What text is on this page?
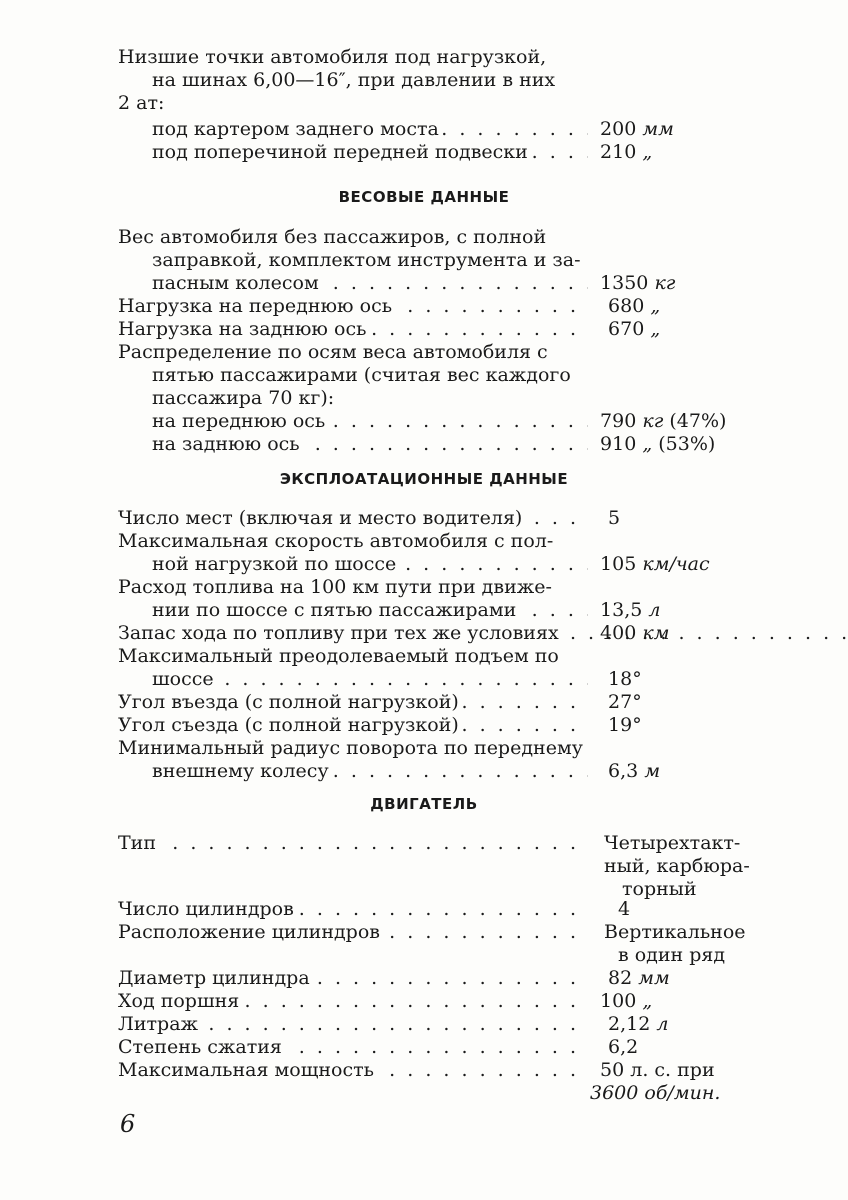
Низшие точки автомобиля под нагрузкой,
на шинах 6,00—16″, при давлении в них
2 ат:
под картером заднего моста . . .	200 мм
под поперечиной передней подвески . . .	210 „
ВЕСОВЫЕ ДАННЫЕ
Вес автомобиля без пассажиров, с полной
заправкой, комплектом инструмента и за-
пасным колесом . . .	1350 кг
Нагрузка на переднюю ось . . .	680 „
Нагрузка на заднюю ось . . .	670 „
Распределение по осям веса автомобиля с
пятью пассажирами (считая вес каждого
пассажира 70 кг):
на переднюю ось . . .	790 кг (47%)
на заднюю ось . . .	910 „ (53%)
ЭКСПЛОАТАЦИОННЫЕ ДАННЫЕ
Число мест (включая и место водителя) . . .	5
Максимальная скорость автомобиля с пол-
ной нагрузкой по шоссе . . .	105 км/час
Расход топлива на 100 км пути при движе-
нии по шоссе с пятью пассажирами . . .	13,5 л
Запас хода по топливу при тех же условиях . . . 400 км
Максимальный преодолеваемый подъем по
шоссе . . .	18°
Угол въезда (с полной нагрузкой) . . .	27°
Угол съезда (с полной нагрузкой) . . .	19°
Минимальный радиус поворота по переднему
внешнему колесу . . .	6,3 м
ДВИГАТЕЛЬ
Тип . . .	Четырехтакт-
ный, карбюра-
торный
Число цилиндров . . .	4
Расположение цилиндров . . .	Вертикальное
в один ряд
Диаметр цилиндра . . .	82 мм
Ход поршня . . .	100 „
Литраж . . .	2,12 л
Степень сжатия . . .	6,2
Максимальная мощность . . .	50 л. с. при
3600 об/мин.
6
